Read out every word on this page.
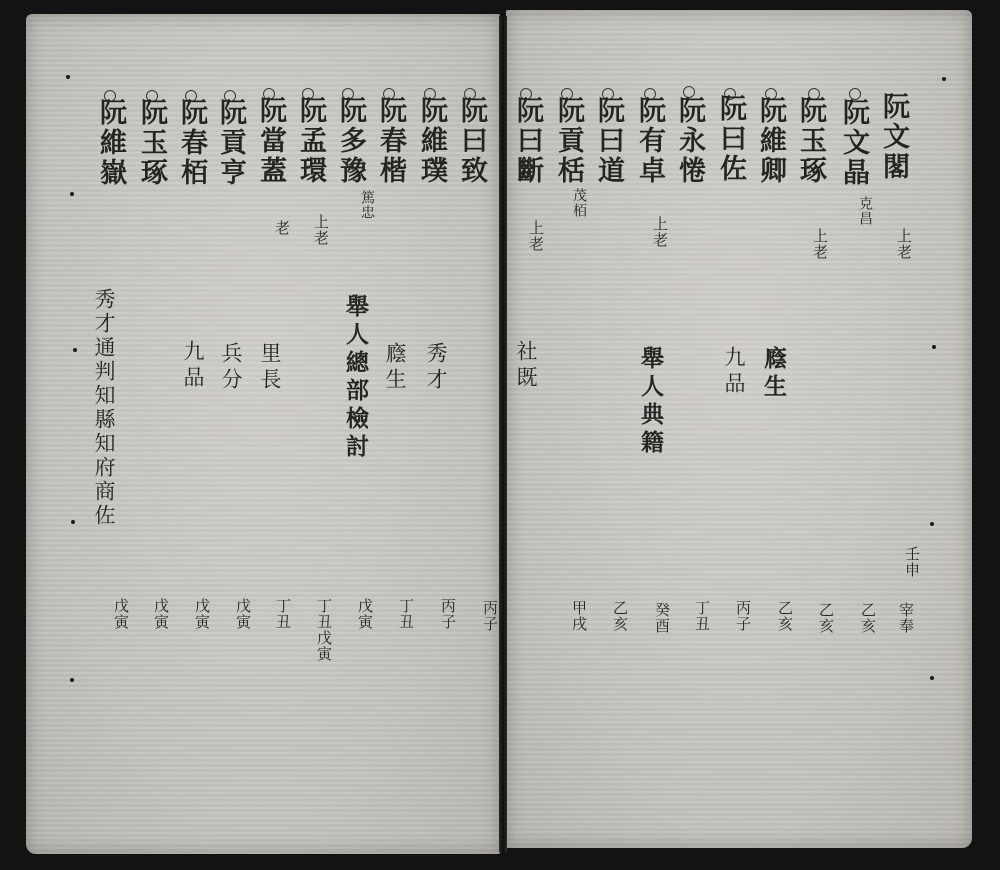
阮文閣
阮文晶
阮玉琢
阮維卿
阮曰佐
阮永惓
阮有卓
阮曰道
阮貢栝
阮曰斷
克昌
茂栢
上老
上老
上老
上老
廕生
九品
舉人典籍
社既
壬申
宰奉
乙亥
乙亥
乙亥
丙子
丁丑
癸酉
乙亥
甲戌
阮曰致
阮維璞
阮春楷
阮多豫
阮孟環
阮當蓋
阮貢亨
阮春栢
阮玉琢
阮維嶽
篤忠
上老
老
秀才
廕生
舉人總部檢討
里長
兵分
九品
秀才通判知縣知府商佐
丙子
丙子
丁丑
戊寅
丁丑戊寅
丁丑
戊寅
戊寅
戊寅
戊寅
